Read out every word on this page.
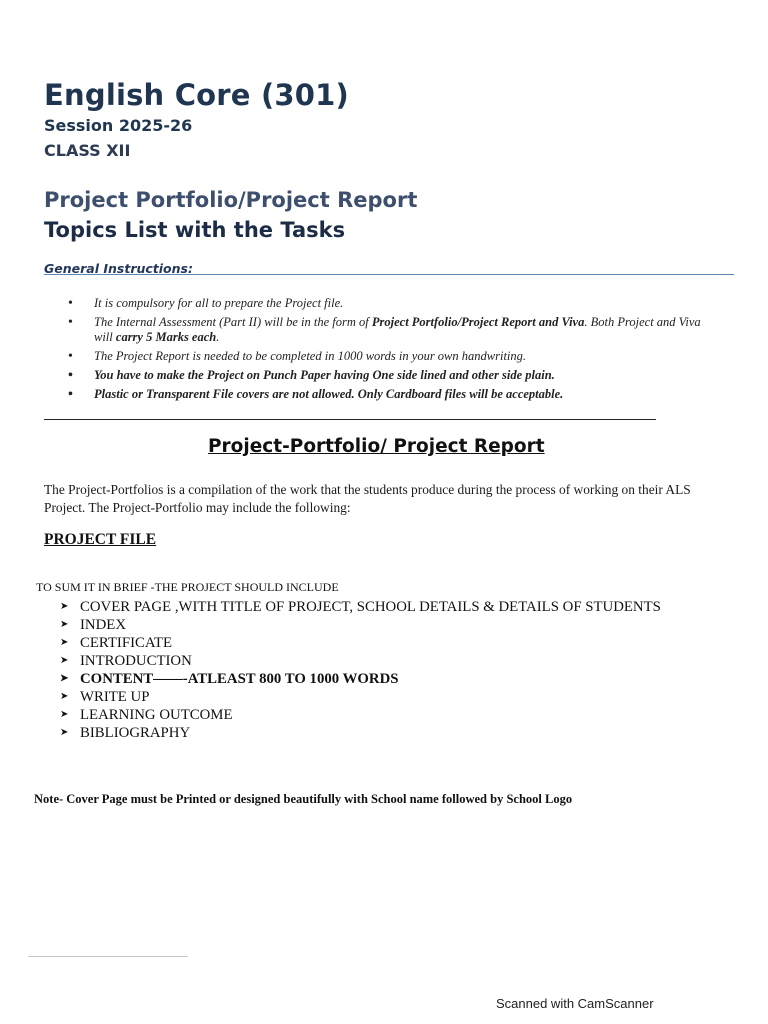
English Core (301)
Session 2025-26
CLASS XII
Project Portfolio/Project Report
Topics List with the Tasks
General Instructions:
• It is compulsory for all to prepare the Project file.
• The Internal Assessment (Part II) will be in the form of Project Portfolio/Project Report and Viva. Both Project and Viva will carry 5 Marks each.
• The Project Report is needed to be completed in 1000 words in your own handwriting.
• You have to make the Project on Punch Paper having One side lined and other side plain.
• Plastic or Transparent File covers are not allowed. Only Cardboard files will be acceptable.
Project-Portfolio/ Project Report
The Project-Portfolios is a compilation of the work that the students produce during the process of working on their ALS Project. The Project-Portfolio may include the following:
PROJECT FILE
TO SUM IT IN BRIEF -THE PROJECT SHOULD INCLUDE
➤ COVER PAGE ,WITH TITLE OF PROJECT, SCHOOL DETAILS & DETAILS OF STUDENTS
➤ INDEX
➤ CERTIFICATE
➤ INTRODUCTION
➤ CONTENT——-ATLEAST 800 TO 1000 WORDS
➤ WRITE UP
➤ LEARNING OUTCOME
➤ BIBLIOGRAPHY
Note- Cover Page must be Printed or designed beautifully with School name followed by School Logo
Scanned with CamScanner
